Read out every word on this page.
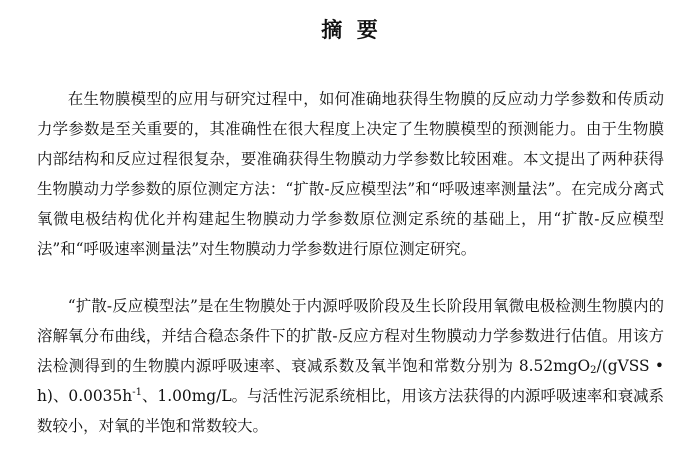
摘  要

在生物膜模型的应用与研究过程中，如何准确地获得生物膜的反应动力学参数和传质动力学参数是至关重要的，其准确性在很大程度上决定了生物膜模型的预测能力。由于生物膜内部结构和反应过程很复杂，要准确获得生物膜动力学参数比较困难。本文提出了两种获得生物膜动力学参数的原位测定方法：“扩散-反应模型法”和“呼吸速率测量法”。在完成分离式氧微电极结构优化并构建起生物膜动力学参数原位测定系统的基础上，用“扩散-反应模型法”和“呼吸速率测量法”对生物膜动力学参数进行原位测定研究。

“扩散-反应模型法”是在生物膜处于内源呼吸阶段及生长阶段用氧微电极检测生物膜内的溶解氧分布曲线，并结合稳态条件下的扩散-反应方程对生物膜动力学参数进行估值。用该方法检测得到的生物膜内源呼吸速率、衰减系数及氧半饱和常数分别为 8.52mgO$_2$/(gVSS • h)、$0.0035h^{-1}$、1.00mg/L。与活性污泥系统相比，用该方法获得的内源呼吸速率和衰减系数较小，对氧的半饱和常数较大。
